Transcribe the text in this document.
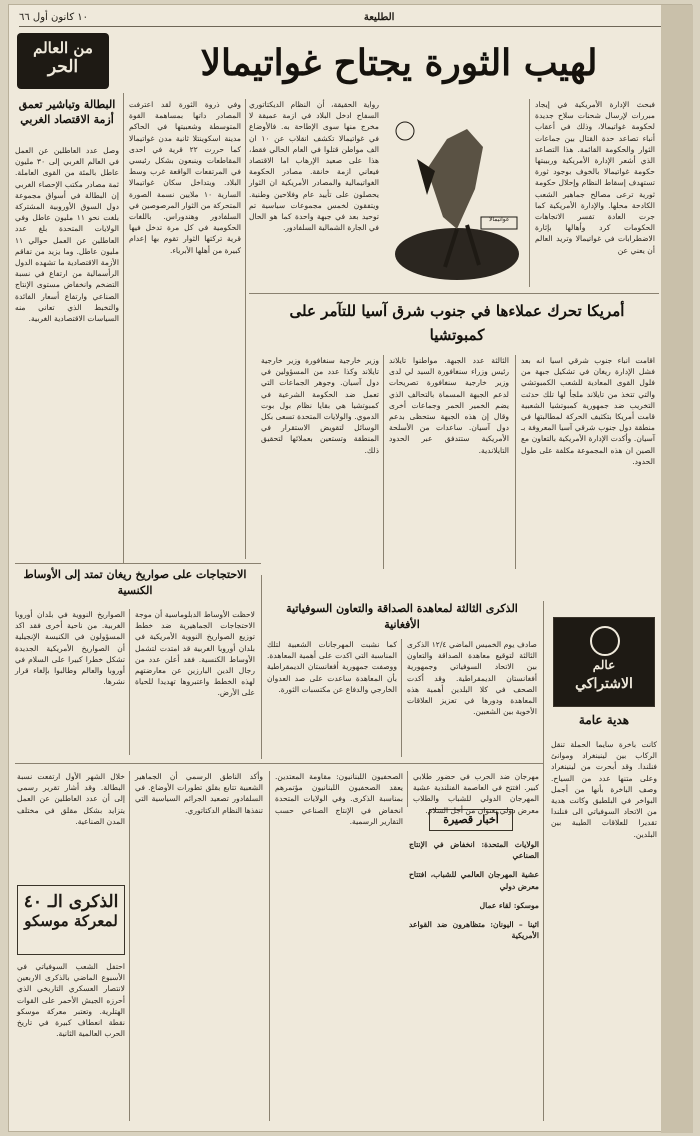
الطليعة
١٠ كانون أول ٦٦
من العالم
الحر	لهيب الثورة يجتاح غواتيمالا
البطالة وتباشير تعمق أزمة الاقتصاد الغربي
وصل عدد العاطلين عن العمل في العالم الغربي إلى ٣٠ مليون عاطل بالمئة من القوى العاملة. ثمة مصادر مكتب الإحصاء الغربي إن البطالة في أسواق مجموعة دول السوق الأوروبية المشتركة بلغت نحو ١١ مليون عاطل وفي الولايات المتحدة بلغ عدد العاطلين عن العمل حوالي ١١ مليون عاطل. وما يزيد من تفاقم الأزمة الاقتصادية ما تشهده الدول الرأسمالية من ارتفاع في نسبة التضخم وانخفاض مستوى الإنتاج الصناعي وارتفاع أسعار الفائدة والتخبط الذي تعاني منه السياسات الاقتصادية الغربية.
وفي ذروة الثورة لقد اعترفت المصادر داتها بمساهمة القوة المتوسطة وشعبيتها في الحاكم مدينة اسكوينتلا ثانية مدن غواتيمالا كما حررت ٢٢ قرية في احدى المقاطعات وينبعون بشكل رئيسي في المرتفعات الواقعة غرب وسط البلاد. ويتداخل سكان غواتيمالا السارية ١٠ ملايين نسمة الصورة المتحركة من الثوار المرصوصين في السلفادور وهندوراس. باللغات الحكومية في كل مرة تدخل فيها قرية تركتها الثوار تقوم بها إعدام كبيرة من أهلها الأبرياء.
رواية الحقيقة، أن النظام الديكتاتوري السفاح ادخل البلاد في ازمة عميقة لا مخرج منها سوى الإطاحة به. فالأوضاع في غواتيمالا تكشف انقلاب عن ١٠ ان الف مواطن قتلوا في العام الحالي فقط، هذا على صعيد الإرهاب اما الاقتصاد فيعاني ازمة خانقة. مصادر الحكومة الغواتيمالية والمصادر الأمريكية ان الثوار يحصلون على تأييد عام وفلاحين وطنية. ويتفقون لخمس مجموعات سياسية تم توحيد بعد في جبهة واحدة كما هو الحال في الجارة الشمالية السلفادور.
غواتيمالا
فبحث الإدارة الأمريكية في إيجاد مبررات لإرسال شحنات سلاح جديدة لحكومة غواتيمالا، وذلك في أعقاب أنباء تصاعد حدة القتال بين جماعات الثوار والحكومة القائمة. هذا التصاعد الذي أشعر الإدارة الأمريكية وربيبتها حكومة غواتيمالا بالخوف بوجود ثورة تستهدف إسقاط النظام وإحلال حكومة ثورية ترعى مصالح جماهير الشعب الكادحة محلها. والإدارة الأمريكية كما جرت العادة تفسر الاتجاهات الحكومات كرد وأهالها بإثارة الاضطرابات في غواتيمالا وتريد العالم أن يعني عن
أمريكا تحرك عملاءها في جنوب شرق آسيا للتآمر على كمبوتشيا
وزير خارجية سنغافورة وزير خارجية تايلاند وكذا عدد من المسؤولين في دول آسيان. وجوهر الجماعات التي تعمل ضد الحكومة الشرعية في كمبوتشيا هي بقايا نظام بول بوت الدموي. والولايات المتحدة تسعى بكل الوسائل لتقويض الاستقرار في المنطقة وتستعين بعملائها لتحقيق ذلك.
الثالثة عدد الجبهة. مواطنوا تايلاند رئيس وزراء سنغافورة السيد لي لدى وزير خارجية سنغافورة تصريحات لدعم الجبهة المسماة بالتحالف الذي يضم الخمير الحمر وجماعات أخرى وقال إن هذه الجبهة ستحظى بدعم دول آسيان. ساعدات من الأسلحة الأمريكية ستتدفق عبر الحدود التايلاندية.
اقامت انباء جنوب شرقي اسيا انه بعد فشل الإدارة ريغان في تشكيل جبهة من فلول القوى المعادية للشعب الكمبوتشي والتي تتخذ من تايلاند ملجأ لها تلك حدثت التخريب ضد جمهورية كمبوتشيا الشعبية قامت أمريكا بتكثيف الحركة لمطالبتها في منطقة دول جنوب شرقي آسيا المعروفة بـ آسيان. وأكدت الإدارة الأمريكية بالتعاون مع الصين ان هذه المجموعة مكلفة على طول الحدود.
الاحتجاجات على صواريخ ريغان تمتد إلى الأوساط الكنسية
الصواريخ النووية في بلدان أوروبا الغربية. من ناحية أخرى فقد اكد المسؤولون في الكنيسة الإنجيلية أن الصواريخ الأمريكية الجديدة تشكل خطرا كبيرا على السلام في أوروبا والعالم وطالبوا بإلغاء قرار نشرها.
لاحظت الأوساط الدبلوماسية أن موجة الاحتجاجات الجماهيرية ضد خطط توزيع الصواريخ النووية الأمريكية في بلدان أوروبا الغربية قد امتدت لتشمل الأوساط الكنسية. فقد أعلن عدد من رجال الدين البارزين عن معارضتهم لهذه الخطط واعتبروها تهديدا للحياة على الأرض.
الذكرى الثالثة لمعاهدة الصداقة والتعاون السوفياتية الأفغانية
كما نشبت المهرجانات الشعبية لتلك المناسبة التي اكدت على أهمية المعاهدة. ووصفت جمهورية أفغانستان الديمقراطية بأن المعاهدة ساعدت على صد العدوان الخارجي والدفاع عن مكتسبات الثورة.
صادف يوم الخميس الماضي ١٢/٤ الذكرى الثالثة لتوقيع معاهدة الصداقة والتعاون بين الاتحاد السوفياتي وجمهورية أفغانستان الديمقراطية. وقد أكدت الصحف في كلا البلدين أهمية هذه المعاهدة ودورها في تعزيز العلاقات الأخوية بين الشعبين.
عالم
الاشتراكي
هدية عامة
كانت باخرة سايما الحملة تنقل الركاب بين لينينغراد وموانئ فنلندا. وقد أبحرت من لينينغراد وعلى متنها عدد من السياح. وصف الباخرة بأنها من أجمل البواخر في البلطيق وكانت هدية من الاتحاد السوفياتي الى فنلندا تقديرا للعلاقات الطيبة بين البلدين.
أخبار قصيرة
الولايات المتحدة: انخفاض في الإنتاج الصناعي
عشية المهرجان العالمي للشباب، افتتاح معرض دولي
موسكو: لقاء عمال
اثينا – اليونان: متظاهرون ضد القواعد الأمريكية
الذكرى الـ ٤٠
لمعركة موسكو
احتفل الشعب السوفياتي في الأسبوع الماضي بالذكرى الاربعين لانتصار العسكري التاريخي الذي أحرزه الجيش الأحمر على القوات الهتلرية. وتعتبر معركة موسكو نقطة انعطاف كبيرة في تاريخ الحرب العالمية الثانية.
خلال الشهر الأول ارتفعت نسبة البطالة. وقد أشار تقرير رسمي إلى أن عدد العاطلين عن العمل يتزايد بشكل مقلق في مختلف المدن الصناعية.
وأكد الناطق الرسمي أن الجماهير الشعبية تتابع بقلق تطورات الأوضاع. في السلفادور تصعيد الجرائم السياسية التي تنفذها النظام الدكتاتوري.
الصحفيون اللبنانيون: مقاومة المعتدين. يعقد الصحفيون اللبنانيون مؤتمرهم بمناسبة الذكرى. وفي الولايات المتحدة انخفاض في الإنتاج الصناعي حسب التقارير الرسمية.
مهرجان ضد الحرب في حضور طلابي كبير. افتتح في العاصمة الفنلندية عشية المهرجان الدولي للشباب والطلاب معرض دولي بعنوان من أجل السلام.
